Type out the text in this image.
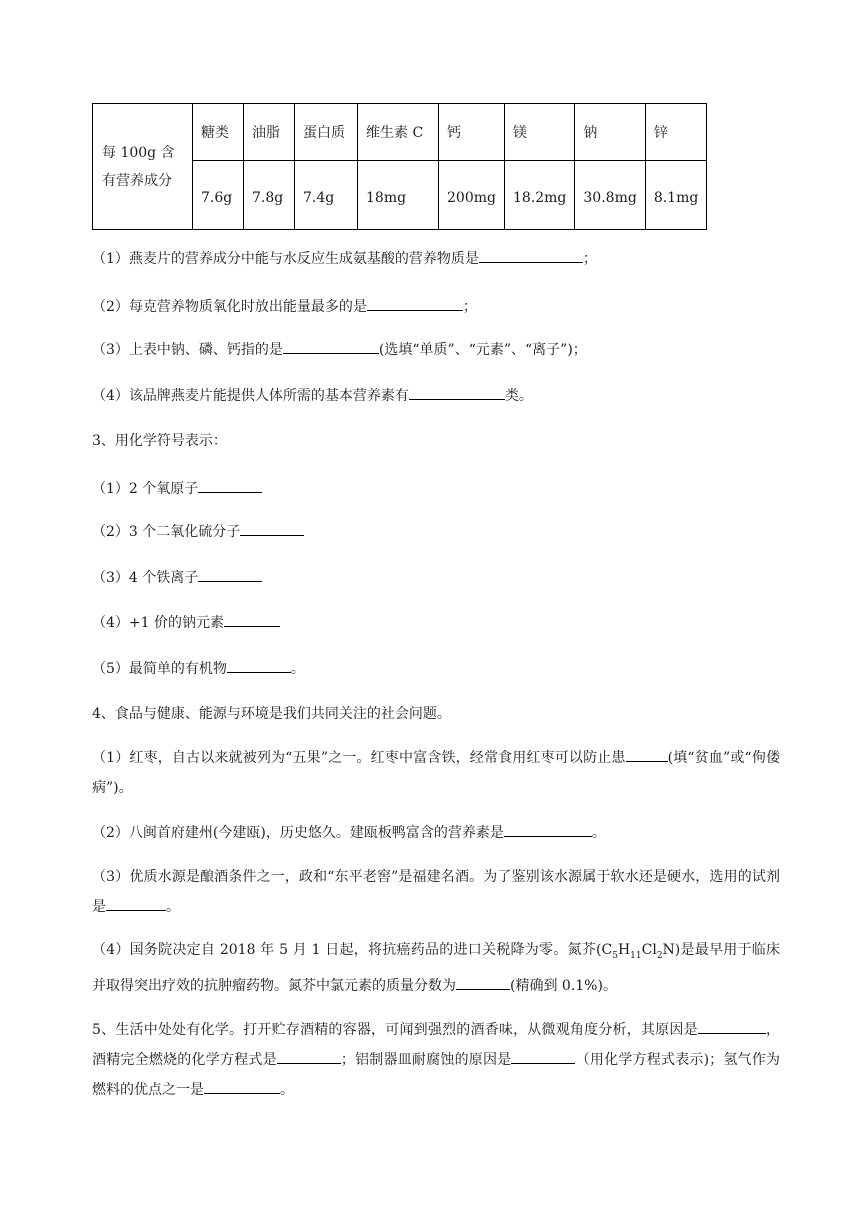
每 100g 含
有营养成分	糖类	油脂	蛋白质	维生素 C	钙	镁	钠	锌
	7.6g	7.8g	7.4g	18mg	200mg	18.2mg	30.8mg	8.1mg
（1）燕麦片的营养成分中能与水反应生成氨基酸的营养物质是	；
（2）每克营养物质氧化时放出能量最多的是	；
（3）上表中钠、磷、钙指的是	(选填“单质”、“元素”、“离子”)；
（4）该品牌燕麦片能提供人体所需的基本营养素有	类。
3、用化学符号表示：
（1）2 个氧原子
（2）3 个二氧化硫分子
（3）4 个铁离子
（4）+1 价的钠元素
（5）最简单的有机物	。
4、食品与健康、能源与环境是我们共同关注的社会问题。
（1）红枣，自古以来就被列为“五果”之一。红枣中富含铁，经常食用红枣可以防止患	(填“贫血”或“佝偻病”)。
（2）八闽首府建州(今建瓯)，历史悠久。建瓯板鸭富含的营养素是	。
（3）优质水源是酿酒条件之一，政和“东平老窖”是福建名酒。为了鉴别该水源属于软水还是硬水，选用的试剂是	。
（4）国务院决定自 2018 年 5 月 1 日起，将抗癌药品的进口关税降为零。氮芥$(C_5H_{11}Cl_2N)$是最早用于临床并取得突出疗效的抗肿瘤药物。氮芥中氯元素的质量分数为	(精确到 0.1%)。
5、生活中处处有化学。打开贮存酒精的容器，可闻到强烈的酒香味，从微观角度分析，其原因是	，酒精完全燃烧的化学方程式是	；铝制器皿耐腐蚀的原因是	（用化学方程式表示)；氢气作为燃料的优点之一是	。
